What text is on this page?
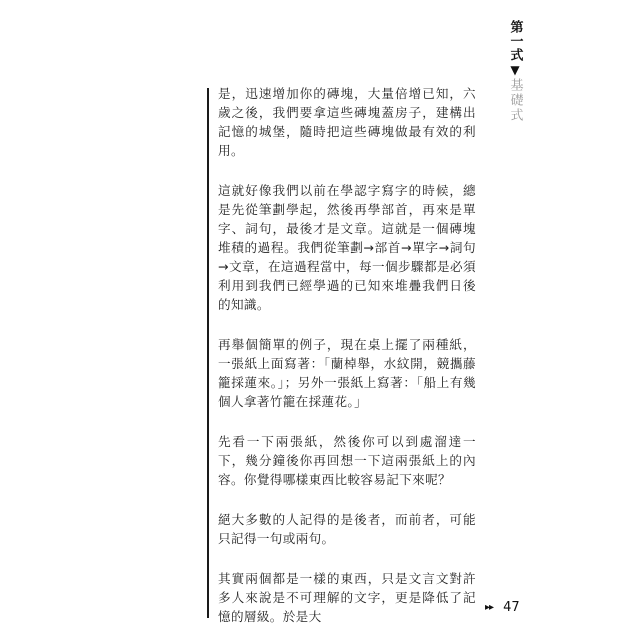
第一式
▼
基礎式

是，迅速增加你的磚塊，大量倍增已知，六歲之後，我們要拿這些磚塊蓋房子，建構出記憶的城堡，隨時把這些磚塊做最有效的利用。

這就好像我們以前在學認字寫字的時候，總是先從筆劃學起，然後再學部首，再來是單字、詞句，最後才是文章。這就是一個磚塊堆積的過程。我們從筆劃→部首→單字→詞句→文章，在這過程當中，每一個步驟都是必須利用到我們已經學過的已知來堆疊我們日後的知識。

再舉個簡單的例子，現在桌上擺了兩種紙，一張紙上面寫著：「蘭棹舉，水紋開，競攜藤籠採蓮來。」；另外一張紙上寫著：「船上有幾個人拿著竹籠在採蓮花。」

先看一下兩張紙，然後你可以到處溜達一下，幾分鐘後你再回想一下這兩張紙上的內容。你覺得哪樣東西比較容易記下來呢？

絕大多數的人記得的是後者，而前者，可能只記得一句或兩句。

其實兩個都是一樣的東西，只是文言文對許多人來說是不可理解的文字，更是降低了記憶的層級。於是大

▸▸ 47
